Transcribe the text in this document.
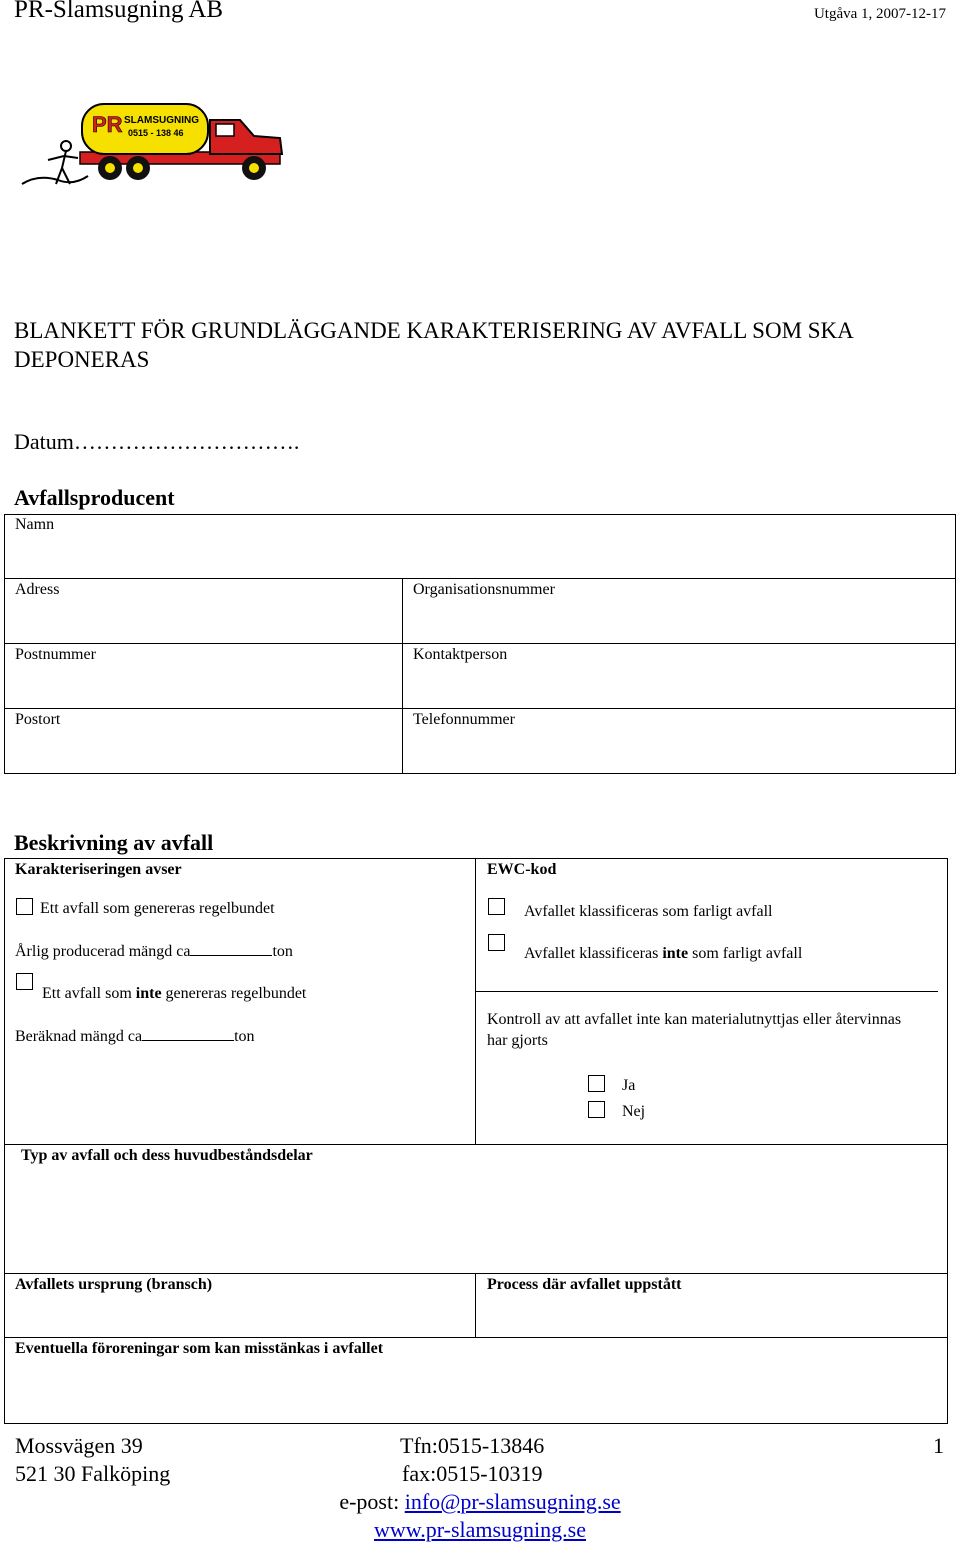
PR-Slamsugning AB	Utgåva 1, 2007-12-17
PR SLAMSUGNING
0515 - 138 46
BLANKETT FÖR GRUNDLÄGGANDE KARAKTERISERING AV AVFALL SOM SKA DEPONERAS
Datum………………………….
Avfallsproducent
Namn
Adress	Organisationsnummer
Postnummer	Kontaktperson
Postort	Telefonnummer
Beskrivning av avfall
Karakteriseringen avser
Ett avfall som genereras regelbundet
Årlig producerad mängd ca	ton
Ett avfall som inte genereras regelbundet
Beräknad mängd ca	ton
EWC-kod
Avfallet klassificeras som farligt avfall
Avfallet klassificeras inte som farligt avfall
Kontroll av att avfallet inte kan materialutnyttjas eller återvinnas har gjorts
Ja
Nej
Typ av avfall och dess huvudbeståndsdelar
Avfallets ursprung (bransch)	Process där avfallet uppstått
Eventuella föroreningar som kan misstänkas i avfallet
Mossvägen 39
521 30 Falköping
Tfn:0515-13846
fax:0515-10319
e-post: info@pr-slamsugning.se
www.pr-slamsugning.se
1
